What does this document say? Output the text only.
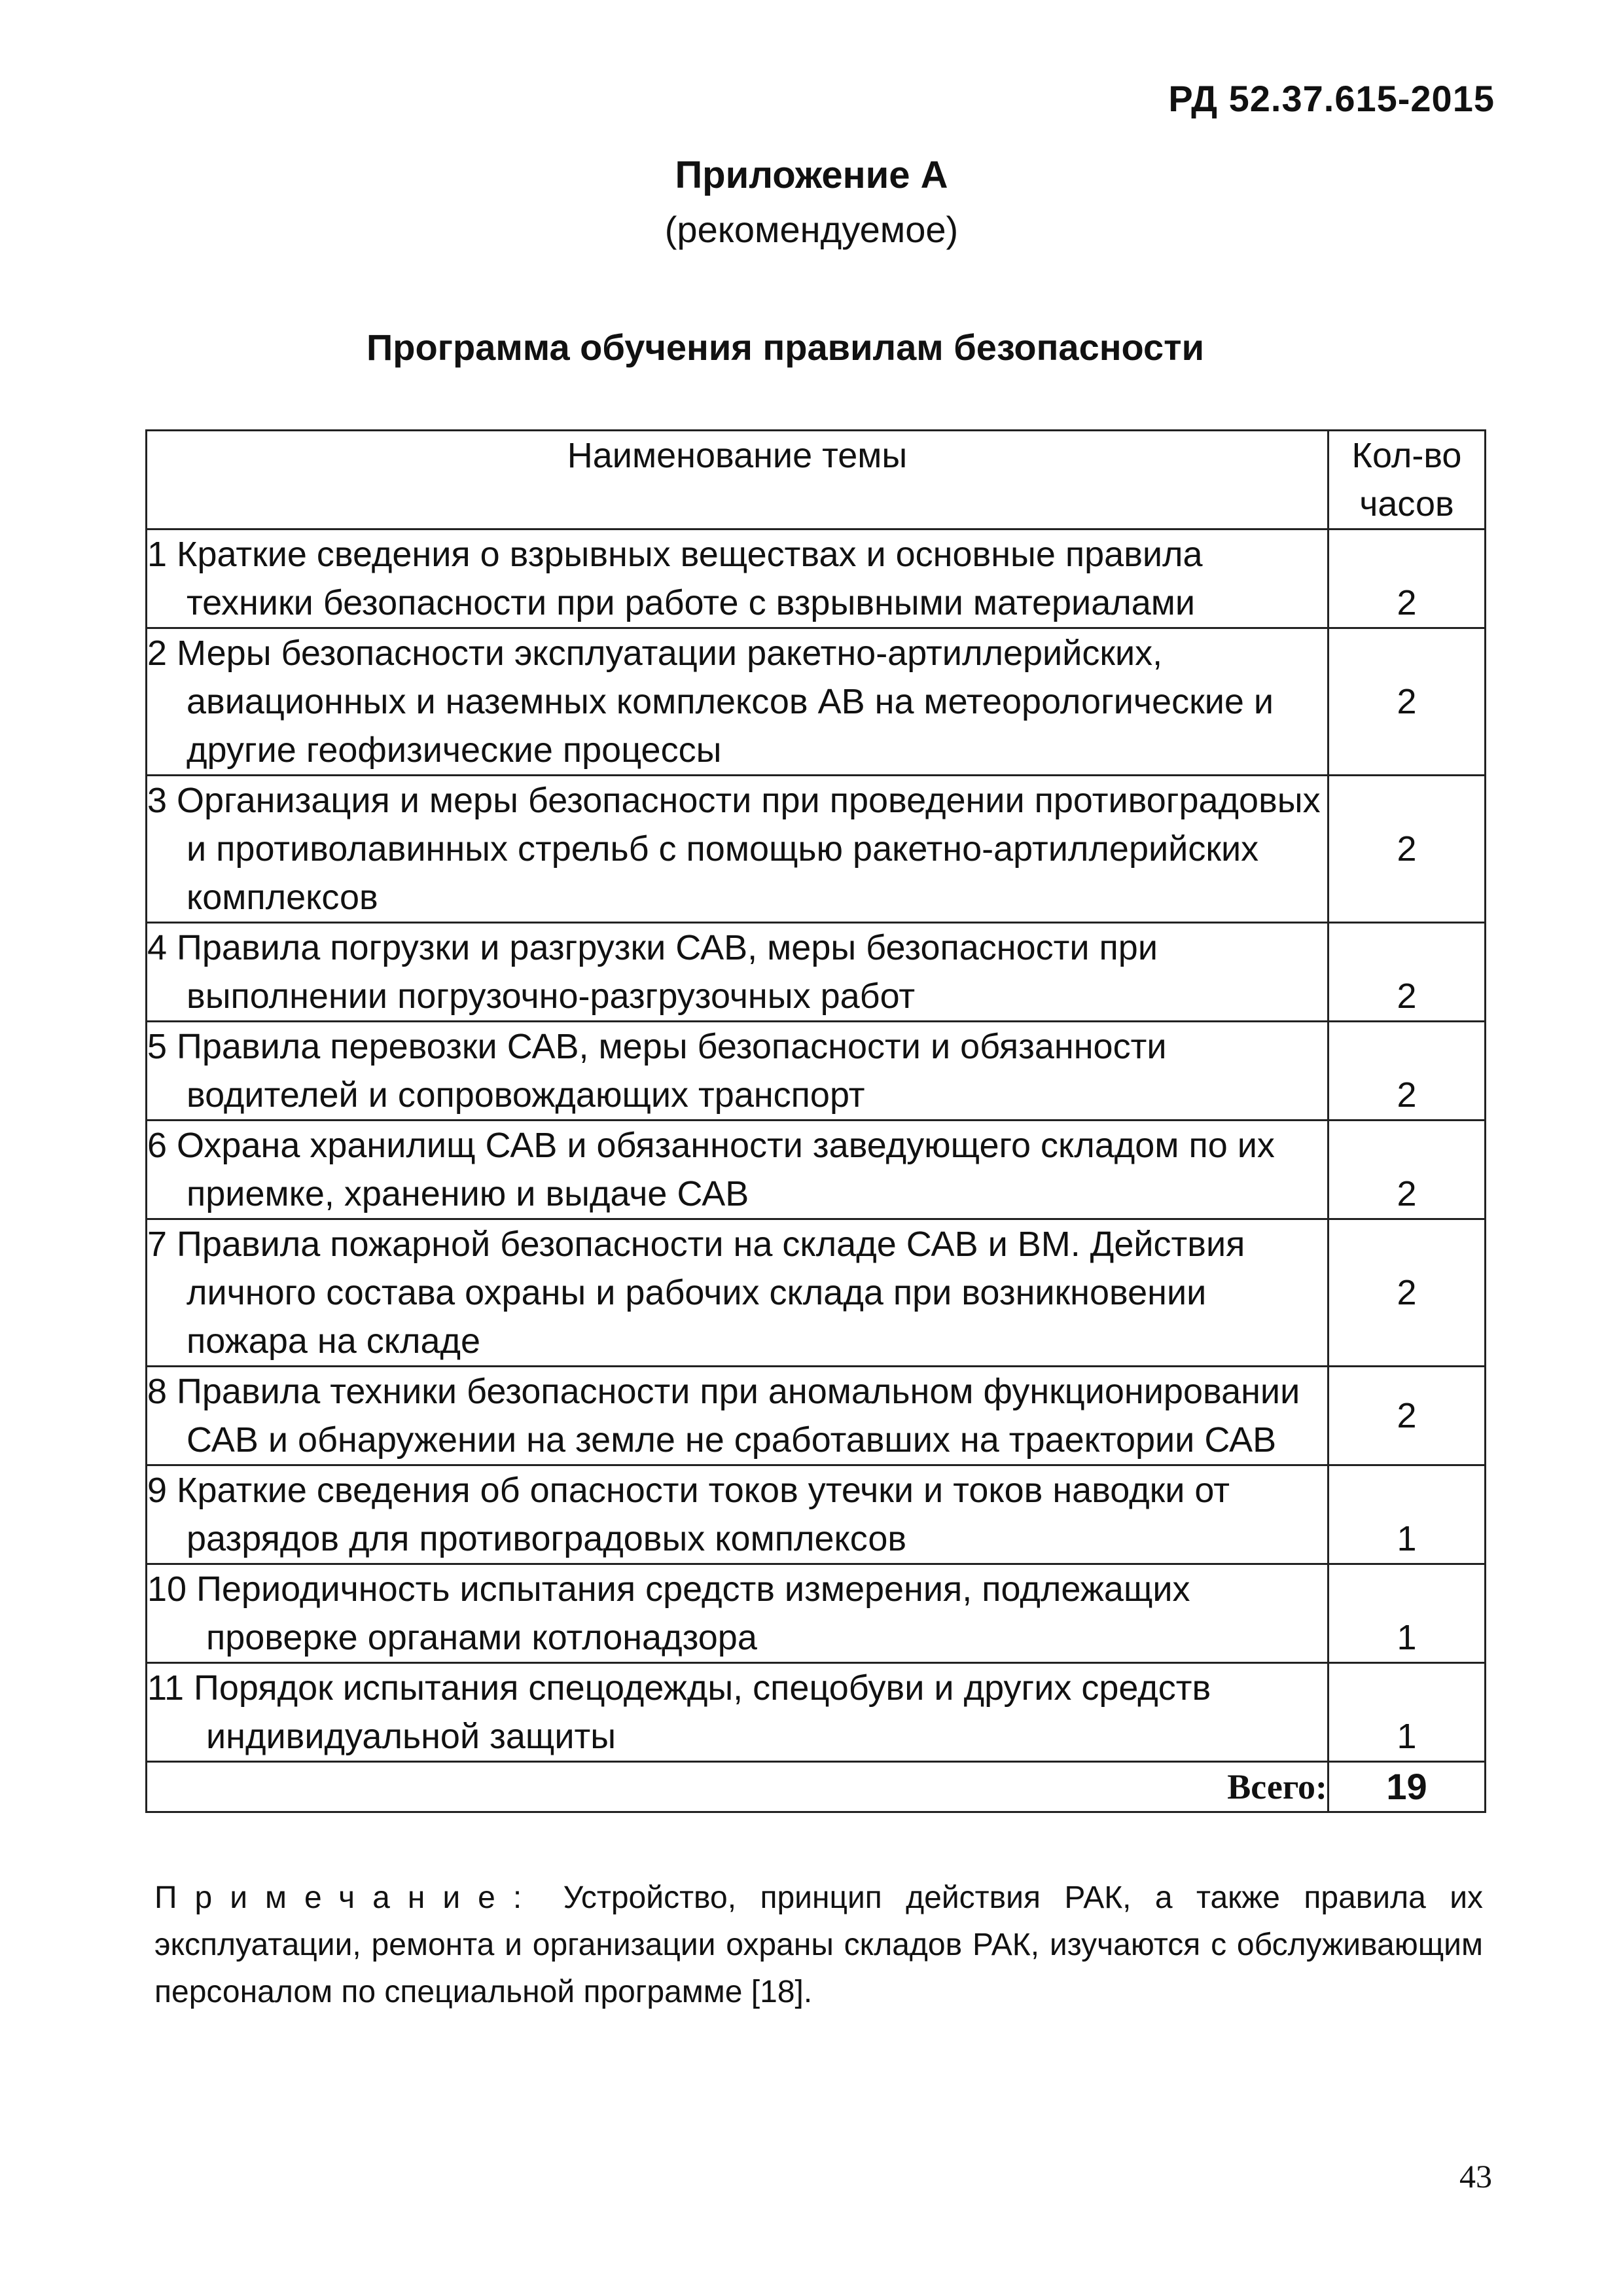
РД 52.37.615-2015
Приложение А
(рекомендуемое)
Программа обучения правилам безопасности
Наименование темы	Кол-во часов

1 Краткие сведения о взрывных веществах и основные правила техники безопасности при работе с взрывными материалами	2

2 Меры безопасности эксплуатации ракетно-артиллерийских, авиационных и наземных комплексов АВ на метеорологические и другие геофизические процессы	2

3 Организация и меры безопасности при проведении противоградовых и противолавинных стрельб с помощью ракетно-артиллерийских комплексов	2

4 Правила погрузки и разгрузки САВ, меры безопасности при выполнении погрузочно-разгрузочных работ	2

5 Правила перевозки САВ, меры безопасности и обязанности водителей и сопровождающих транспорт	2

6 Охрана хранилищ САВ и обязанности заведующего складом по их приемке, хранению и выдаче САВ	2

7 Правила пожарной безопасности на складе САВ и ВМ. Действия личного состава охраны и рабочих склада при возникновении пожара на складе	2

8 Правила техники безопасности при аномальном функционировании САВ и обнаружении на земле не сработавших на траектории САВ	2

9 Краткие сведения об опасности токов утечки и токов наводки от разрядов для противоградовых комплексов	1

10 Периодичность испытания средств измерения, подлежащих проверке органами котлонадзора	1

11 Порядок испытания спецодежды, спецобуви и других средств индивидуальной защиты	1
Всего:	19
Примечание: Устройство, принцип действия РАК, а также правила их эксплуатации, ремонта и организации охраны складов РАК, изучаются с обслуживающим персоналом по специальной программе [18].
43
